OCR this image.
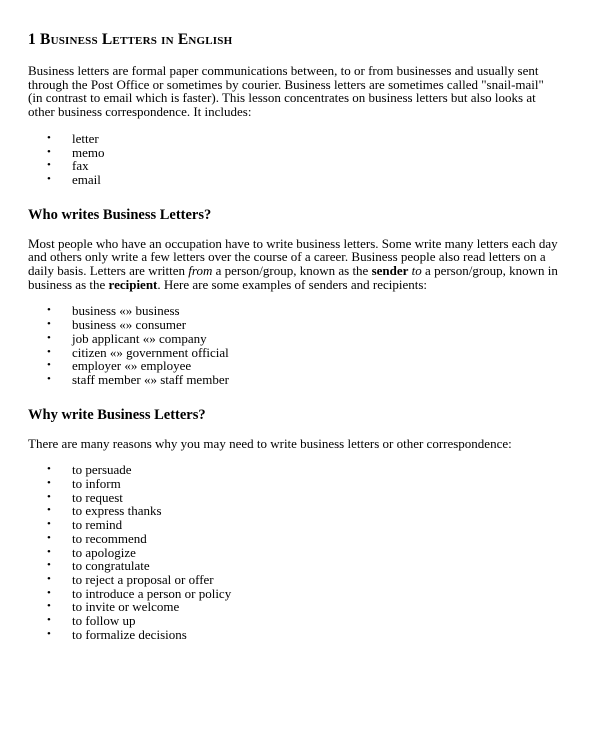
1 Business Letters in English

Business letters are formal paper communications between, to or from businesses and usually sent through the Post Office or sometimes by courier. Business letters are sometimes called "snail-mail" (in contrast to email which is faster). This lesson concentrates on business letters but also looks at other business correspondence. It includes:

• letter
• memo
• fax
• email
Who writes Business Letters?

Most people who have an occupation have to write business letters. Some write many letters each day and others only write a few letters over the course of a career. Business people also read letters on a daily basis. Letters are written from a person/group, known as the sender to a person/group, known in business as the recipient. Here are some examples of senders and recipients:

• business «» business
• business «» consumer
• job applicant «» company
• citizen «» government official
• employer «» employee
• staff member «» staff member
Why write Business Letters?

There are many reasons why you may need to write business letters or other correspondence:

• to persuade
• to inform
• to request
• to express thanks
• to remind
• to recommend
• to apologize
• to congratulate
• to reject a proposal or offer
• to introduce a person or policy
• to invite or welcome
• to follow up
• to formalize decisions
